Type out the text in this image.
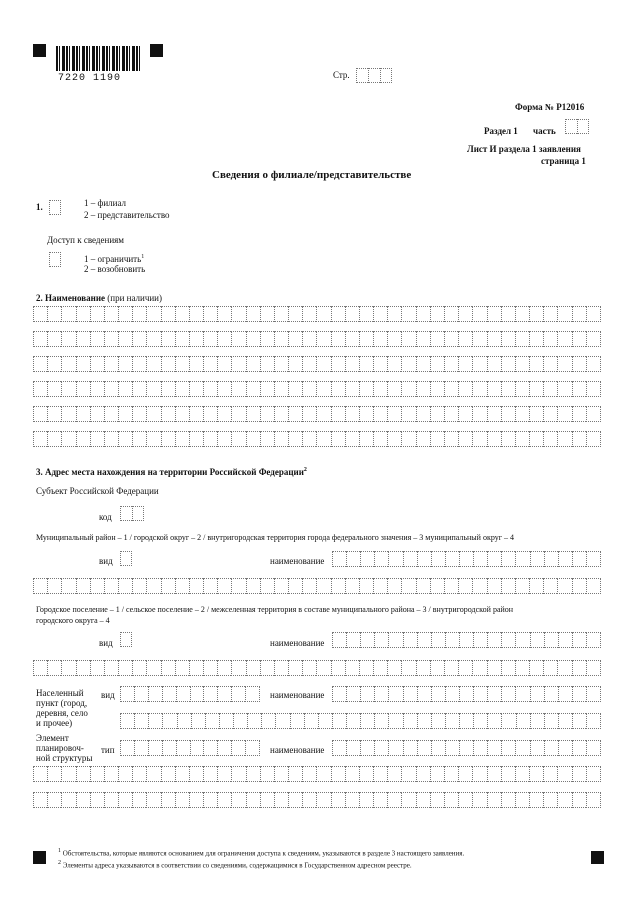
7220 1190	Стр.
Форма № Р12016
Раздел 1 часть
Лист И раздела 1 заявления
страница 1
Сведения о филиале/представительстве
1.	1 – филиал
2 – представительство
Доступ к сведениям
1 – ограничить$^1$
2 – возобновить
2. Наименование (при наличии)
3. Адрес места нахождения на территории Российской Федерации$^2$
Субъект Российской Федерации
код
Муниципальный район – 1 / городской округ – 2 / внутригородская территория города федерального значения – 3 муниципальный округ – 4
вид	наименование
Городское поселение – 1 / сельское поселение – 2 / межселенная территория в составе муниципального района – 3 / внутригородской район
городского округа – 4
вид	наименование
Населенный
пункт (город,
деревня, село
и прочее)
вид	наименование
Элемент
планировоч-
ной структуры
тип	наименование
$^1$ Обстоятельства, которые являются основанием для ограничения доступа к сведениям, указываются в разделе 3 настоящего заявления.
$^2$ Элементы адреса указываются в соответствии со сведениями, содержащимися в Государственном адресном реестре.
